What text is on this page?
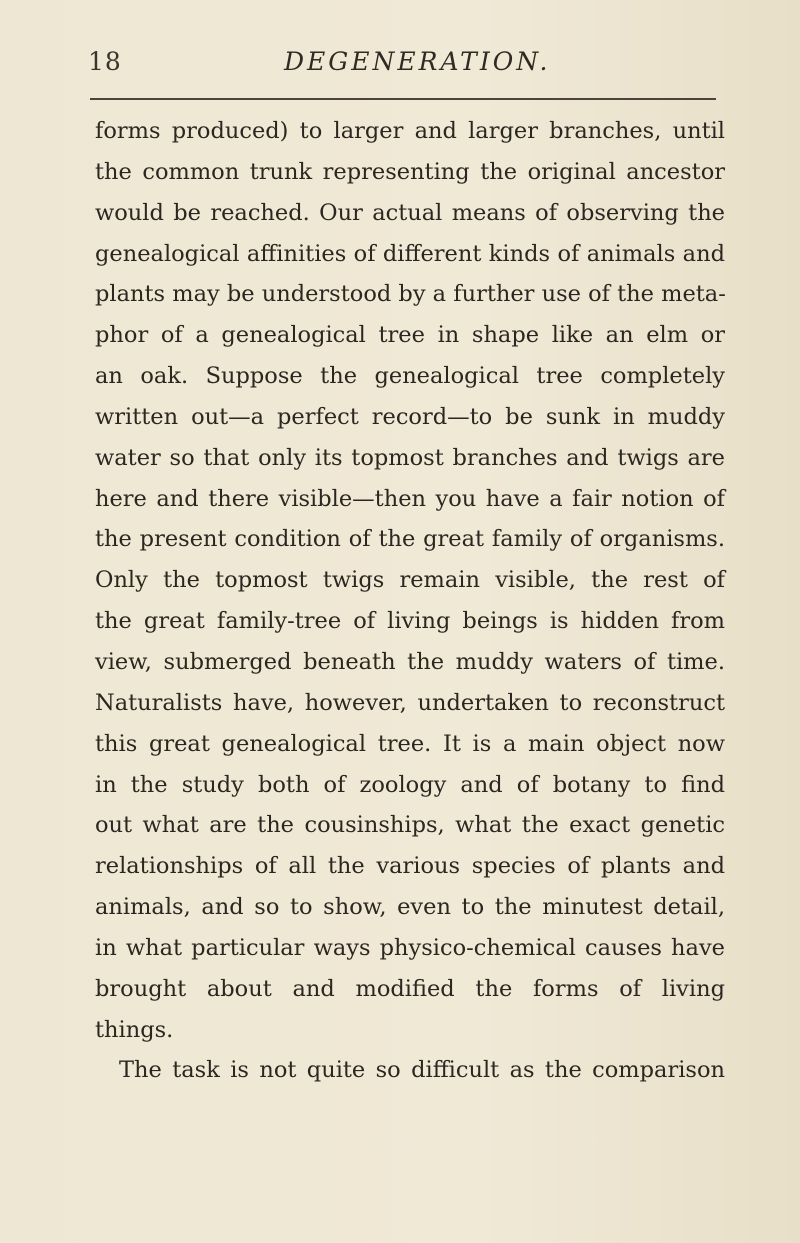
18	DEGENERATION.
forms produced) to larger and larger branches, until
the common trunk representing the original ancestor
would be reached. Our actual means of observing the
genealogical affinities of different kinds of animals and
plants may be understood by a further use of the meta-
phor of a genealogical tree in shape like an elm or
an oak. Suppose the genealogical tree completely
written out—a perfect record—to be sunk in muddy
water so that only its topmost branches and twigs are
here and there visible—then you have a fair notion of
the present condition of the great family of organisms.
Only the topmost twigs remain visible, the rest of
the great family-tree of living beings is hidden from
view, submerged beneath the muddy waters of time.
Naturalists have, however, undertaken to reconstruct
this great genealogical tree. It is a main object now
in the study both of zoology and of botany to find
out what are the cousinships, what the exact genetic
relationships of all the various species of plants and
animals, and so to show, even to the minutest detail,
in what particular ways physico-chemical causes have
brought about and modified the forms of living
things.
The task is not quite so difficult as the comparison
